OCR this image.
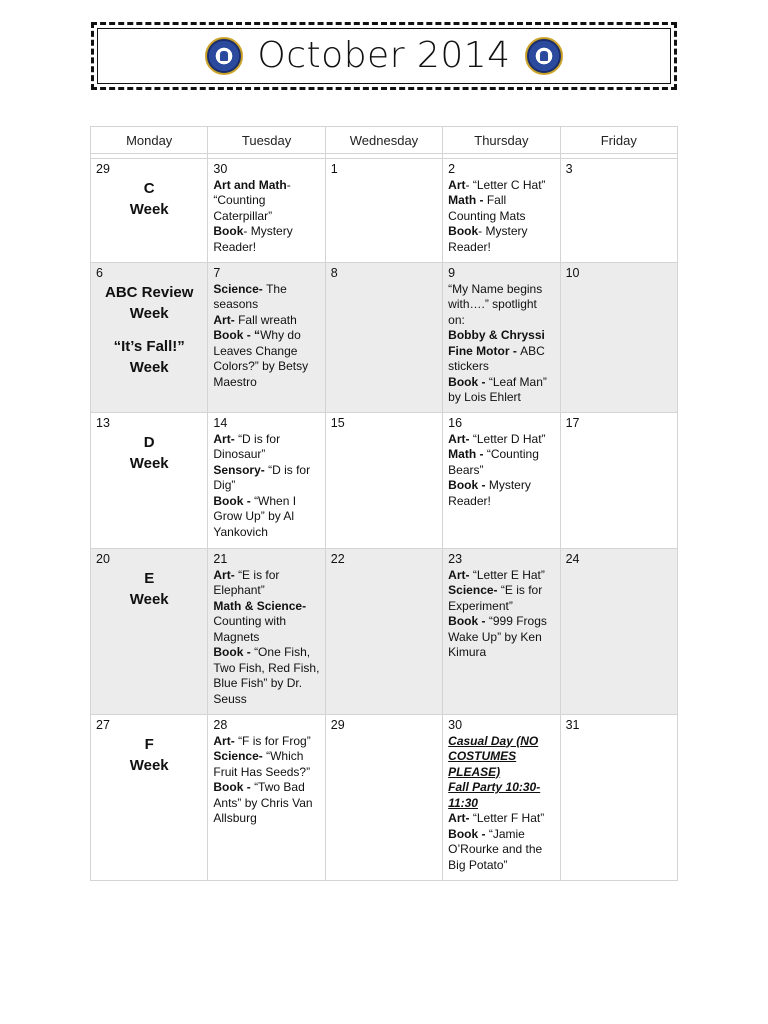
October 2014
Monday	Tuesday	Wednesday	Thursday	Friday

29
C
Week	30
Art and Math- “Counting Caterpillar”
Book- Mystery Reader!	1	2
Art- “Letter C Hat”
Math - Fall Counting Mats
Book- Mystery Reader!	3

6
ABC Review
Week
“It’s Fall!”
Week	7
Science- The seasons
Art- Fall wreath
Book - “Why do Leaves Change Colors?” by Betsy Maestro	8	9
“My Name begins with….” spotlight on:
Bobby & Chryssi
Fine Motor - ABC stickers
Book - “Leaf Man” by Lois Ehlert	10

13
D
Week	14
Art- “D is for Dinosaur”
Sensory- “D is for Dig”
Book - “When I Grow Up” by Al Yankovich	15	16
Art- “Letter D Hat”
Math - “Counting Bears”
Book - Mystery Reader!	17

20
E
Week	21
Art- “E is for Elephant”
Math & Science- Counting with Magnets
Book - “One Fish, Two Fish, Red Fish, Blue Fish” by Dr. Seuss	22	23
Art- “Letter E Hat”
Science- “E is for Experiment”
Book - “999 Frogs Wake Up” by Ken Kimura	24

27
F
Week	28
Art- “F is for Frog”
Science- “Which Fruit Has Seeds?”
Book - “Two Bad Ants” by Chris Van Allsburg	29	30
Casual Day (NO COSTUMES PLEASE)
Fall Party 10:30-11:30
Art- “Letter F Hat”
Book - “Jamie O’Rourke and the Big Potato”	31
